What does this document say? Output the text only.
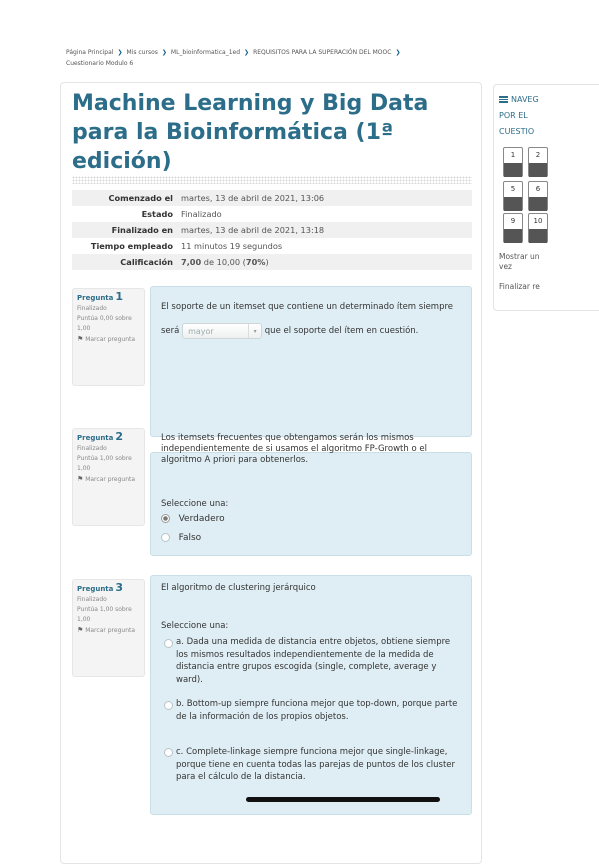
Página Principal ❯ Mis cursos ❯ ML_bioinformatica_1ed ❯ REQUISITOS PARA LA SUPERACIÓN DEL MOOC ❯
Cuestionario Modulo 6
Machine Learning y Big Data para la Bioinformática (1ª edición)
Comenzado el	martes, 13 de abril de 2021, 13:06
Estado	Finalizado
Finalizado en	martes, 13 de abril de 2021, 13:18
Tiempo empleado	11 minutos 19 segundos
Calificación	7,00 de 10,00 (70%)
Pregunta 1
Finalizado
Puntúa 0,00 sobre 1,00
⚑ Marcar pregunta
El soporte de un itemset que contiene un determinado ítem siempre será mayor	▾ que el soporte del ítem en cuestión.
Pregunta 2
Finalizado
Puntúa 1,00 sobre 1,00
⚑ Marcar pregunta
Los itemsets frecuentes que obtengamos serán los mismos independientemente de si usamos el algoritmo FP-Growth o el algoritmo A priori para obtenerlos.
Seleccione una:
Verdadero
Falso
Pregunta 3
Finalizado
Puntúa 1,00 sobre 1,00
⚑ Marcar pregunta
El algoritmo de clustering jerárquico
Seleccione una:
a. Dada una medida de distancia entre objetos, obtiene siempre los mismos resultados independientemente de la medida de distancia entre grupos escogida (single, complete, average y ward).
b. Bottom-up siempre funciona mejor que top-down, porque parte de la información de los propios objetos.
c. Complete-linkage siempre funciona mejor que single-linkage, porque tiene en cuenta todas las parejas de puntos de los cluster para el cálculo de la distancia.
NAVEG
POR EL
CUESTIO
1	2
5	6
9	10
Mostrar un
vez
Finalizar re
